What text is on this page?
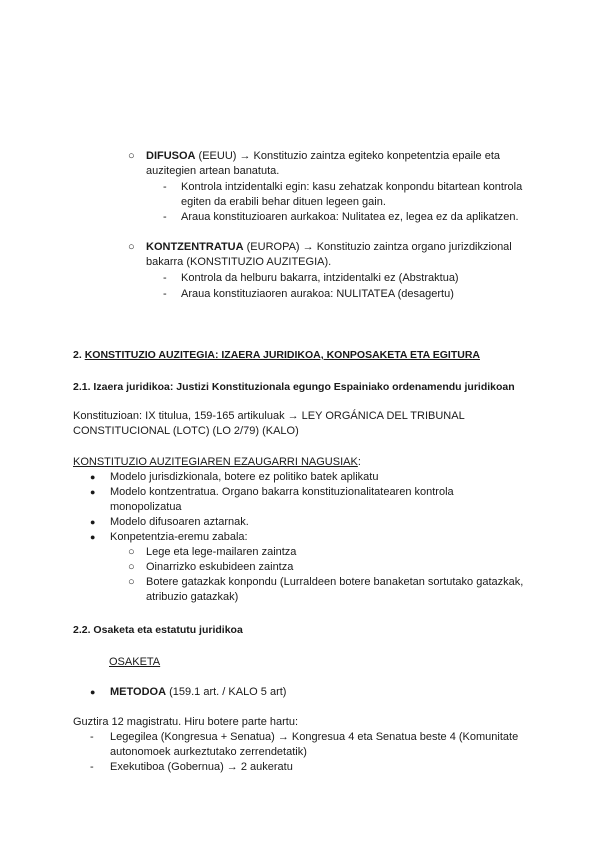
○ DIFUSOA (EEUU) → Konstituzio zaintza egiteko konpetentzia epaile eta
auzitegien artean banatuta.
- Kontrola intzidentalki egin: kasu zehatzak konpondu bitartean kontrola
egiten da erabili behar dituen legeen gain.
- Araua konstituzioaren aurkakoa: Nulitatea ez, legea ez da aplikatzen.
○ KONTZENTRATUA (EUROPA) → Konstituzio zaintza organo jurizdikzional
bakarra (KONSTITUZIO AUZITEGIA).
- Kontrola da helburu bakarra, intzidentalki ez (Abstraktua)
- Araua konstituziaoren aurakoa: NULITATEA (desagertu)
2. KONSTITUZIO AUZITEGIA: IZAERA JURIDIKOA, KONPOSAKETA ETA EGITURA
2.1. Izaera juridikoa: Justizi Konstituzionala egungo Espainiako ordenamendu juridikoan
Konstituzioan: IX titulua, 159-165 artikuluak → LEY ORGÁNICA DEL TRIBUNAL
CONSTITUCIONAL (LOTC) (LO 2/79) (KALO)
KONSTITUZIO AUZITEGIAREN EZAUGARRI NAGUSIAK:
● Modelo jurisdizkionala, botere ez politiko batek aplikatu
● Modelo kontzentratua. Organo bakarra konstituzionalitatearen kontrola
monopolizatua
● Modelo difusoaren aztarnak.
● Konpetentzia-eremu zabala:
○ Lege eta lege-mailaren zaintza
○ Oinarrizko eskubideen zaintza
○ Botere gatazkak konpondu (Lurraldeen botere banaketan sortutako gatazkak,
atribuzio gatazkak)
2.2. Osaketa eta estatutu juridikoa
OSAKETA
● METODOA (159.1 art. / KALO 5 art)
Guztira 12 magistratu. Hiru botere parte hartu:
- Legegilea (Kongresua + Senatua) → Kongresua 4 eta Senatua beste 4 (Komunitate
autonomoek aurkeztutako zerrendetatik)
- Exekutiboa (Gobernua) → 2 aukeratu
